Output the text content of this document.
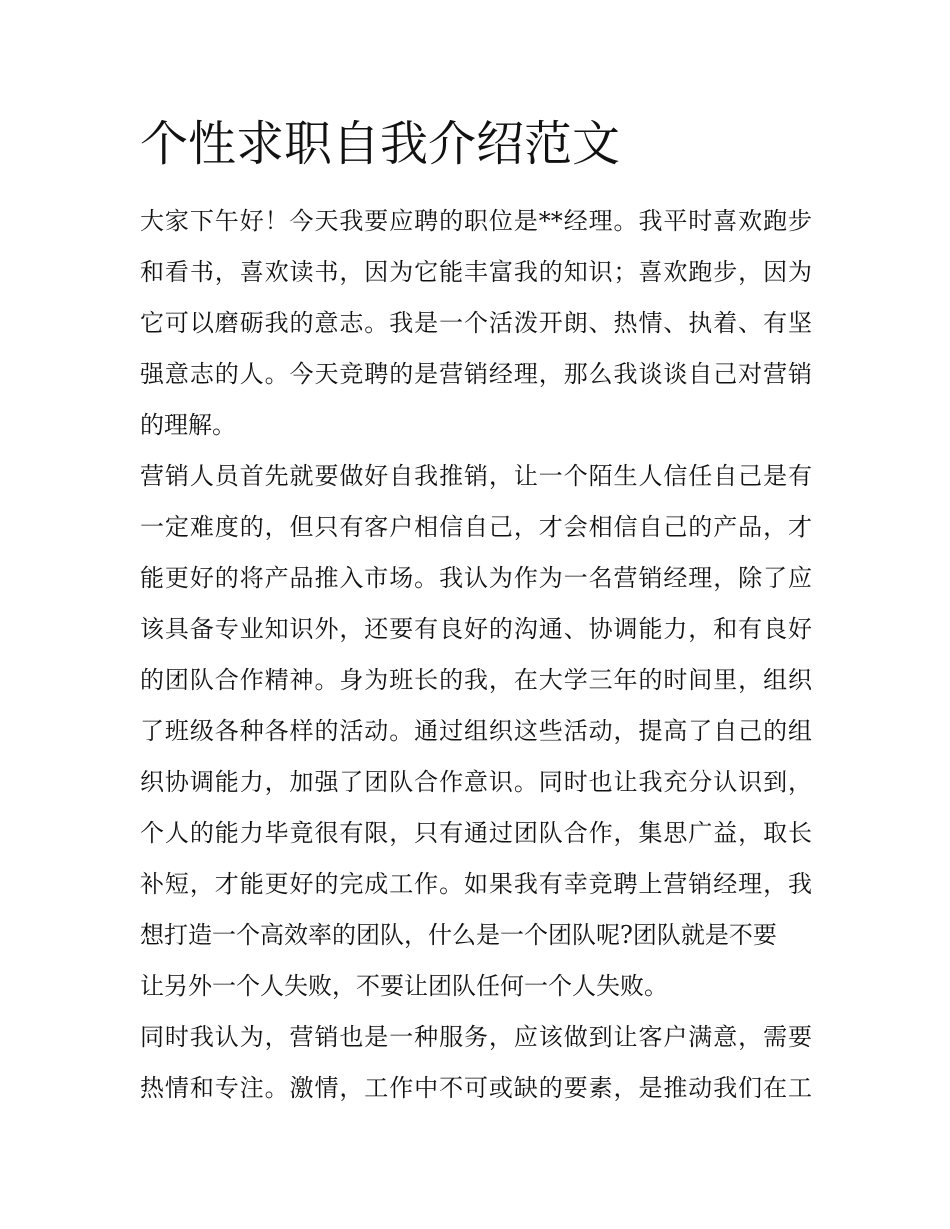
个性求职自我介绍范文

大家下午好！今天我要应聘的职位是**经理。我平时喜欢跑步
和看书，喜欢读书，因为它能丰富我的知识；喜欢跑步，因为
它可以磨砺我的意志。我是一个活泼开朗、热情、执着、有坚
强意志的人。今天竞聘的是营销经理，那么我谈谈自己对营销
的理解。

营销人员首先就要做好自我推销，让一个陌生人信任自己是有
一定难度的，但只有客户相信自己，才会相信自己的产品，才
能更好的将产品推入市场。我认为作为一名营销经理，除了应
该具备专业知识外，还要有良好的沟通、协调能力，和有良好
的团队合作精神。身为班长的我，在大学三年的时间里，组织
了班级各种各样的活动。通过组织这些活动，提高了自己的组
织协调能力，加强了团队合作意识。同时也让我充分认识到，
个人的能力毕竟很有限，只有通过团队合作，集思广益，取长
补短，才能更好的完成工作。如果我有幸竞聘上营销经理，我
想打造一个高效率的团队，什么是一个团队呢?团队就是不要
让另外一个人失败，不要让团队任何一个人失败。

同时我认为，营销也是一种服务，应该做到让客户满意，需要
热情和专注。激情，工作中不可或缺的要素，是推动我们在工
